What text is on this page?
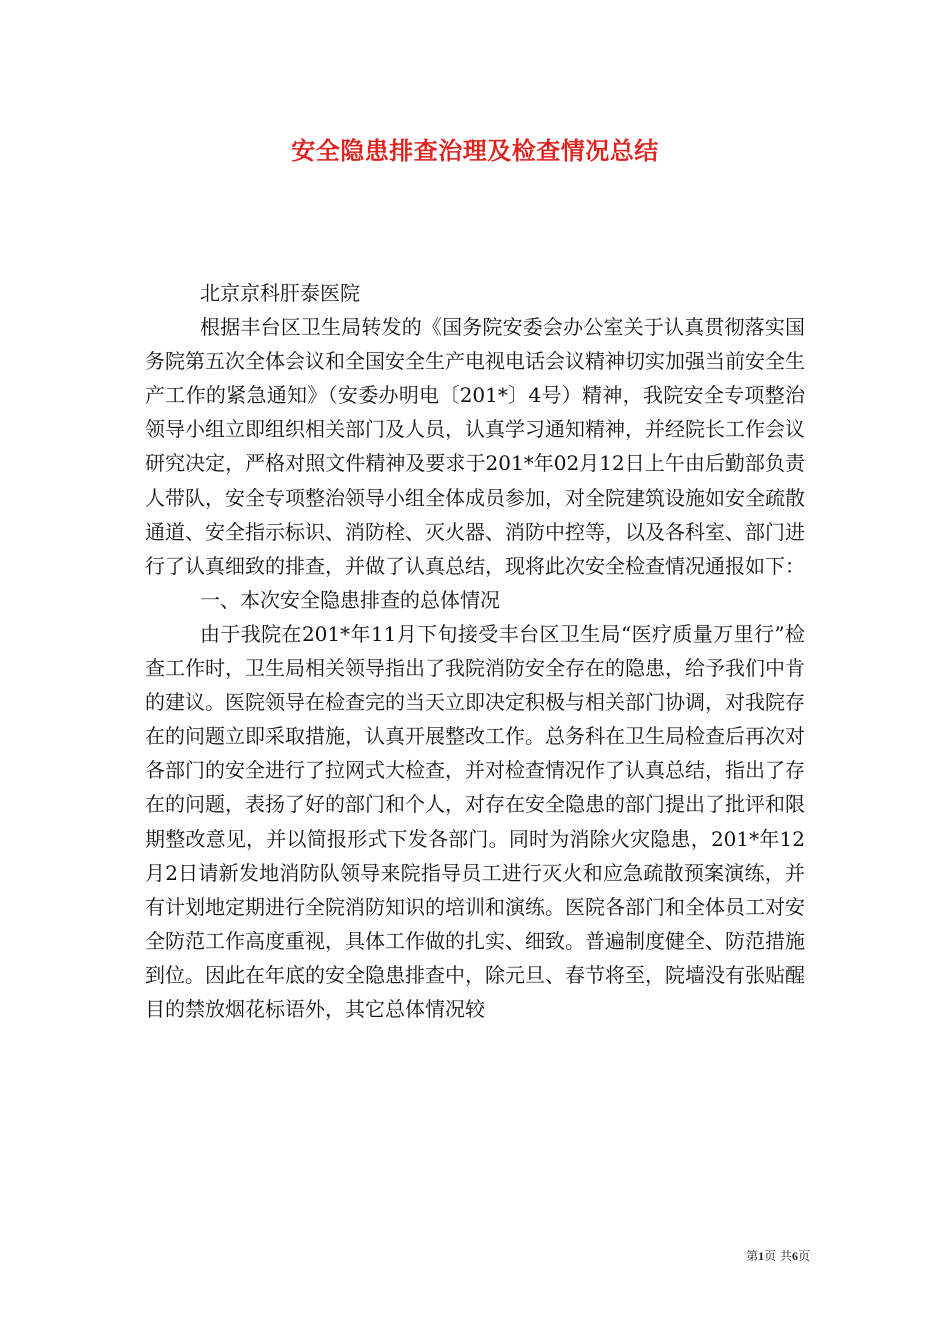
安全隐患排查治理及检查情况总结

北京京科肝泰医院

根据丰台区卫生局转发的《国务院安委会办公室关于认真贯彻落实国务院第五次全体会议和全国安全生产电视电话会议精神切实加强当前安全生产工作的紧急通知》（安委办明电〔201*〕4号）精神，我院安全专项整治领导小组立即组织相关部门及人员，认真学习通知精神，并经院长工作会议研究决定，严格对照文件精神及要求于201*年02月12日上午由后勤部负责人带队，安全专项整治领导小组全体成员参加，对全院建筑设施如安全疏散通道、安全指示标识、消防栓、灭火器、消防中控等，以及各科室、部门进行了认真细致的排查，并做了认真总结，现将此次安全检查情况通报如下：

一、本次安全隐患排查的总体情况

由于我院在201*年11月下旬接受丰台区卫生局“医疗质量万里行”检查工作时，卫生局相关领导指出了我院消防安全存在的隐患，给予我们中肯的建议。医院领导在检查完的当天立即决定积极与相关部门协调，对我院存在的问题立即采取措施，认真开展整改工作。总务科在卫生局检查后再次对各部门的安全进行了拉网式大检查，并对检查情况作了认真总结，指出了存在的问题，表扬了好的部门和个人，对存在安全隐患的部门提出了批评和限期整改意见，并以简报形式下发各部门。同时为消除火灾隐患，201*年12月2日请新发地消防队领导来院指导员工进行灭火和应急疏散预案演练，并有计划地定期进行全院消防知识的培训和演练。医院各部门和全体员工对安全防范工作高度重视，具体工作做的扎实、细致。普遍制度健全、防范措施到位。因此在年底的安全隐患排查中，除元旦、春节将至，院墙没有张贴醒目的禁放烟花标语外，其它总体情况较

第1页 共6页
